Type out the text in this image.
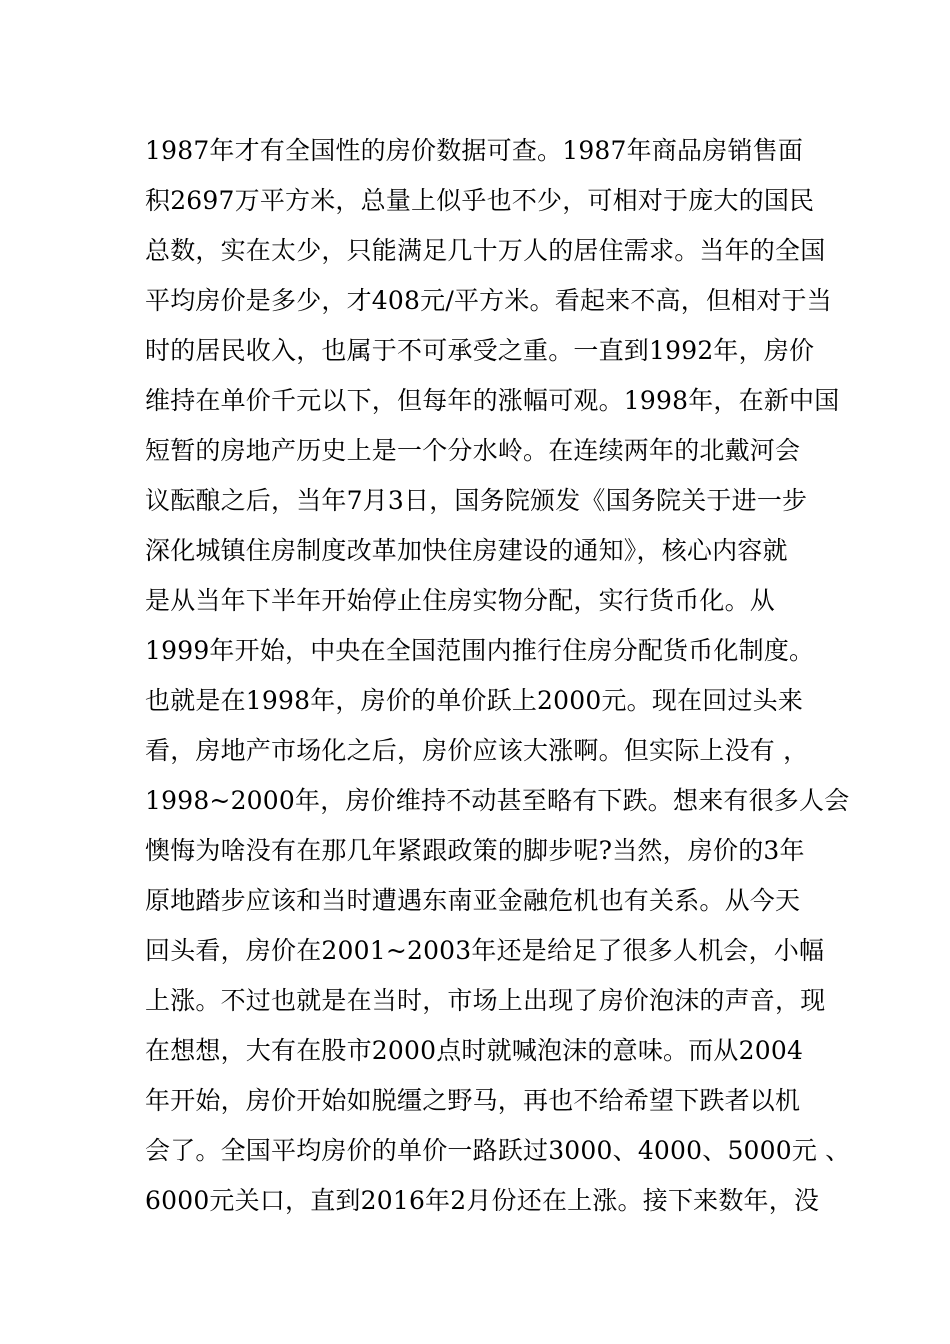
1987年才有全国性的房价数据可查。1987年商品房销售面
积2697万平方米，总量上似乎也不少，可相对于庞大的国民
总数，实在太少，只能满足几十万人的居住需求。当年的全国
平均房价是多少，才408元/平方米。看起来不高，但相对于当
时的居民收入，也属于不可承受之重。一直到1992年，房价
维持在单价千元以下，但每年的涨幅可观。1998年，在新中国
短暂的房地产历史上是一个分水岭。在连续两年的北戴河会
议酝酿之后，当年7月3日，国务院颁发《国务院关于进一步
深化城镇住房制度改革加快住房建设的通知》，核心内容就
是从当年下半年开始停止住房实物分配，实行货币化。从
1999年开始，中央在全国范围内推行住房分配货币化制度。
也就是在1998年，房价的单价跃上2000元。现在回过头来
看，房地产市场化之后，房价应该大涨啊。但实际上没有 ，
1998~2000年，房价维持不动甚至略有下跌。想来有很多人会
懊悔为啥没有在那几年紧跟政策的脚步呢?当然，房价的3年
原地踏步应该和当时遭遇东南亚金融危机也有关系。从今天
回头看，房价在2001~2003年还是给足了很多人机会，小幅
上涨。不过也就是在当时，市场上出现了房价泡沫的声音，现
在想想，大有在股市2000点时就喊泡沫的意味。而从2004
年开始，房价开始如脱缰之野马，再也不给希望下跌者以机
会了。全国平均房价的单价一路跃过3000、4000、5000元 、
6000元关口，直到2016年2月份还在上涨。接下来数年，没
